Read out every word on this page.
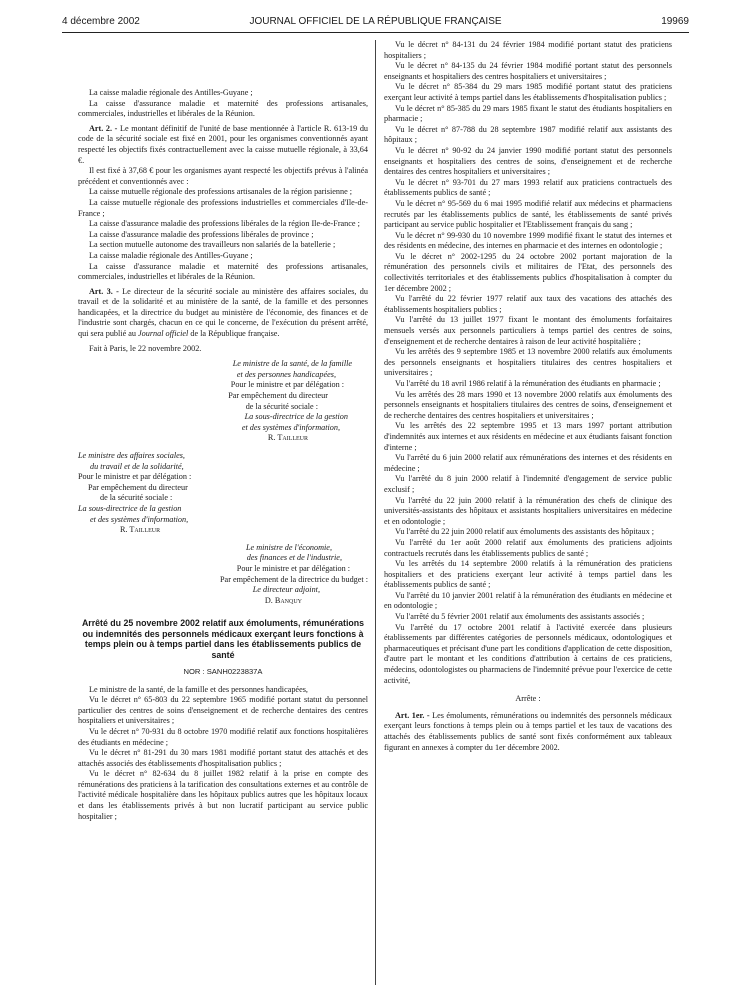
4 décembre 2002	JOURNAL OFFICIEL DE LA RÉPUBLIQUE FRANÇAISE	19969

La caisse maladie régionale des Antilles-Guyane ;

La caisse d'assurance maladie et maternité des professions artisanales, commerciales, industrielles et libérales de la Réunion.

Art. 2. - Le montant définitif de l'unité de base mentionnée à l'article R. 613-19 du code de la sécurité sociale est fixé en 2001, pour les organismes conventionnés ayant respecté les objectifs fixés contractuellement avec la caisse mutuelle régionale, à 33,64 €.

Il est fixé à 37,68 € pour les organismes ayant respecté les objectifs prévus à l'alinéa précédent et conventionnés avec :

La caisse mutuelle régionale des professions artisanales de la région parisienne ;

La caisse mutuelle régionale des professions industrielles et commerciales d'Ile-de-France ;

La caisse d'assurance maladie des professions libérales de la région Ile-de-France ;

La caisse d'assurance maladie des professions libérales de province ;

La section mutuelle autonome des travailleurs non salariés de la batellerie ;

La caisse maladie régionale des Antilles-Guyane ;

La caisse d'assurance maladie et maternité des professions artisanales, commerciales, industrielles et libérales de la Réunion.

Art. 3. - Le directeur de la sécurité sociale au ministère des affaires sociales, du travail et de la solidarité et au ministère de la santé, de la famille et des personnes handicapées, et la directrice du budget au ministère de l'économie, des finances et de l'industrie sont chargés, chacun en ce qui le concerne, de l'exécution du présent arrêté, qui sera publié au Journal officiel de la République française.

Fait à Paris, le 22 novembre 2002.

Le ministre de la santé, de la famille
et des personnes handicapées,
Pour le ministre et par délégation :
Par empêchement du directeur
de la sécurité sociale :
La sous-directrice de la gestion
et des systèmes d'information,
R. Tailleur
Le ministre des affaires sociales,
du travail et de la solidarité,
Pour le ministre et par délégation :
Par empêchement du directeur
de la sécurité sociale :
La sous-directrice de la gestion
et des systèmes d'information,
R. Tailleur
Le ministre de l'économie,
des finances et de l'industrie,
Pour le ministre et par délégation :
Par empêchement de la directrice du budget :
Le directeur adjoint,
D. Banquy

Arrêté du 25 novembre 2002 relatif aux émoluments, rémunérations ou indemnités des personnels médicaux exerçant leurs fonctions à temps plein ou à temps partiel dans les établissements publics de santé

NOR : SANH0223837A

Le ministre de la santé, de la famille et des personnes handicapées,

Vu le décret n° 65-803 du 22 septembre 1965 modifié portant statut du personnel particulier des centres de soins d'enseignement et de recherche dentaires des centres hospitaliers et universitaires ;

Vu le décret n° 70-931 du 8 octobre 1970 modifié relatif aux fonctions hospitalières des étudiants en médecine ;

Vu le décret n° 81-291 du 30 mars 1981 modifié portant statut des attachés et des attachés associés des établissements d'hospitalisation publics ;

Vu le décret n° 82-634 du 8 juillet 1982 relatif à la prise en compte des rémunérations des praticiens à la tarification des consultations externes et au contrôle de l'activité médicale hospitalière dans les hôpitaux publics autres que les hôpitaux locaux et dans les établissements privés à but non lucratif participant au service public hospitalier ;

Vu le décret n° 84-131 du 24 février 1984 modifié portant statut des praticiens hospitaliers ;

Vu le décret n° 84-135 du 24 février 1984 modifié portant statut des personnels enseignants et hospitaliers des centres hospitaliers et universitaires ;

Vu le décret n° 85-384 du 29 mars 1985 modifié portant statut des praticiens exerçant leur activité à temps partiel dans les établissements d'hospitalisation publics ;

Vu le décret n° 85-385 du 29 mars 1985 fixant le statut des étudiants hospitaliers en pharmacie ;

Vu le décret n° 87-788 du 28 septembre 1987 modifié relatif aux assistants des hôpitaux ;

Vu le décret n° 90-92 du 24 janvier 1990 modifié portant statut des personnels enseignants et hospitaliers des centres de soins, d'enseignement et de recherche dentaires des centres hospitaliers et universitaires ;

Vu le décret n° 93-701 du 27 mars 1993 relatif aux praticiens contractuels des établissements publics de santé ;

Vu le décret n° 95-569 du 6 mai 1995 modifié relatif aux médecins et pharmaciens recrutés par les établissements publics de santé, les établissements de santé privés participant au service public hospitalier et l'Etablissement français du sang ;

Vu le décret n° 99-930 du 10 novembre 1999 modifié fixant le statut des internes et des résidents en médecine, des internes en pharmacie et des internes en odontologie ;

Vu le décret n° 2002-1295 du 24 octobre 2002 portant majoration de la rémunération des personnels civils et militaires de l'Etat, des personnels des collectivités territoriales et des établissements publics d'hospitalisation à compter du 1er décembre 2002 ;

Vu l'arrêté du 22 février 1977 relatif aux taux des vacations des attachés des établissements hospitaliers publics ;

Vu l'arrêté du 13 juillet 1977 fixant le montant des émoluments forfaitaires mensuels versés aux personnels particuliers à temps partiel des centres de soins, d'enseignement et de recherche dentaires à raison de leur activité hospitalière ;

Vu les arrêtés des 9 septembre 1985 et 13 novembre 2000 relatifs aux émoluments des personnels enseignants et hospitaliers titulaires des centres hospitaliers et universitaires ;

Vu l'arrêté du 18 avril 1986 relatif à la rémunération des étudiants en pharmacie ;

Vu les arrêtés des 28 mars 1990 et 13 novembre 2000 relatifs aux émoluments des personnels enseignants et hospitaliers titulaires des centres de soins, d'enseignement et de recherche dentaires des centres hospitaliers et universitaires ;

Vu les arrêtés des 22 septembre 1995 et 13 mars 1997 portant attribution d'indemnités aux internes et aux résidents en médecine et aux étudiants faisant fonction d'interne ;

Vu l'arrêté du 6 juin 2000 relatif aux rémunérations des internes et des résidents en médecine ;

Vu l'arrêté du 8 juin 2000 relatif à l'indemnité d'engagement de service public exclusif ;

Vu l'arrêté du 22 juin 2000 relatif à la rémunération des chefs de clinique des universités-assistants des hôpitaux et assistants hospitaliers universitaires en médecine et en odontologie ;

Vu l'arrêté du 22 juin 2000 relatif aux émoluments des assistants des hôpitaux ;

Vu l'arrêté du 1er août 2000 relatif aux émoluments des praticiens adjoints contractuels recrutés dans les établissements publics de santé ;

Vu les arrêtés du 14 septembre 2000 relatifs à la rémunération des praticiens hospitaliers et des praticiens exerçant leur activité à temps partiel dans les établissements publics de santé ;

Vu l'arrêté du 10 janvier 2001 relatif à la rémunération des étudiants en médecine et en odontologie ;

Vu l'arrêté du 5 février 2001 relatif aux émoluments des assistants associés ;

Vu l'arrêté du 17 octobre 2001 relatif à l'activité exercée dans plusieurs établissements par différentes catégories de personnels médicaux, odontologiques et pharmaceutiques et précisant d'une part les conditions d'application de cette disposition, d'autre part le montant et les conditions d'attribution à certains de ces praticiens, médecins, odontologistes ou pharmaciens de l'indemnité prévue pour l'exercice de cette activité,

Arrête :

Art. 1er. - Les émoluments, rémunérations ou indemnités des personnels médicaux exerçant leurs fonctions à temps plein ou à temps partiel et les taux de vacations des attachés des établissements publics de santé sont fixés conformément aux tableaux figurant en annexes à compter du 1er décembre 2002.
